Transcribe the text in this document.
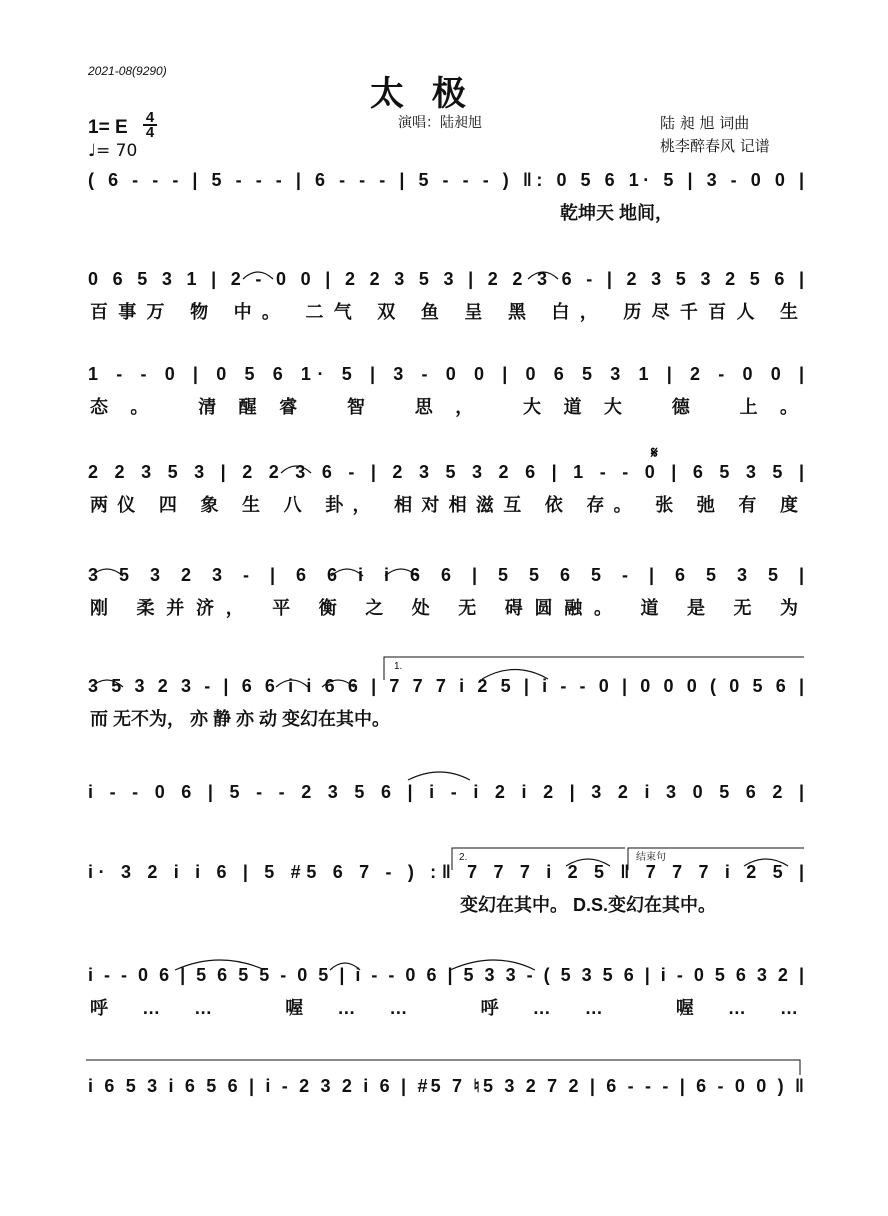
2021-08(9290)
太 极
1= E 4
4
♩= 70
演唱：陆昶旭	陆 昶 旭 词曲
桃李醉春风 记谱
( 6 - - - | 5 - - - | 6 - - - | 5 - - - ) ‖: 0 5 6 1· 5 | 3 - 0 0 |
乾坤天 地间，
0 6 5 3 1 | 2 - 0 0 | 2 2 3 5 3 | 2 2 3 6 - | 2 3 5 3 2 5 6 |
百事万 物 中。 二气 双 鱼 呈 黑 白， 历尽千百人 生
1 - - 0 | 0 5 6 1· 5 | 3 - 0 0 | 0 6 5 3 1 | 2 - 0 0 |
态。 清醒睿 智 思， 大道大 德 上。
2 2 3 5 3 | 2 2 3 6 - | 2 3 5 3 2 6 | 1 - - 0 | 6 5 3 5 |
两仪 四 象 生 八 卦， 相对相滋互 依 存。 张 弛 有 度
3 5 3 2 3 - | 6 6 i i 6 6 | 5 5 6 5 - | 6 5 3 5 |
刚 柔并济， 平 衡 之 处 无 碍圆融。 道 是 无 为
3 5 3 2 3 - | 6 6 i i 6 6 | 7 7 7 i 2 5 | i - - 0 | 0 0 0 ( 0 5 6 |
而 无不为， 亦 静 亦 动 变幻在其中。
i - - 0 6 | 5 - - 2 3 5 6 | i - i 2 i 2 | 3 2 i 3 0 5 6 2 |
i· 3 2 i i 6 | 5 #5 6 7 - ) :‖ 7 7 7 i 2 5 ‖ 7 7 7 i 2 5 |
变幻在其中。 D.S.变幻在其中。
i - - 0 6 | 5 6 5 5 - 0 5 | i - - 0 6 | 5 3 3 - ( 5 3 5 6 | i - 0 5 6 3 2 |
呼…… 喔…… 呼…… 喔……
i 6 5 3 i 6 5 6 | i - 2 3 2 i 6 | #5 7 ♮5 3 2 7 2 | 6 - - - | 6 - 0 0 ) ‖
1.
2.	结束句
𝄋
